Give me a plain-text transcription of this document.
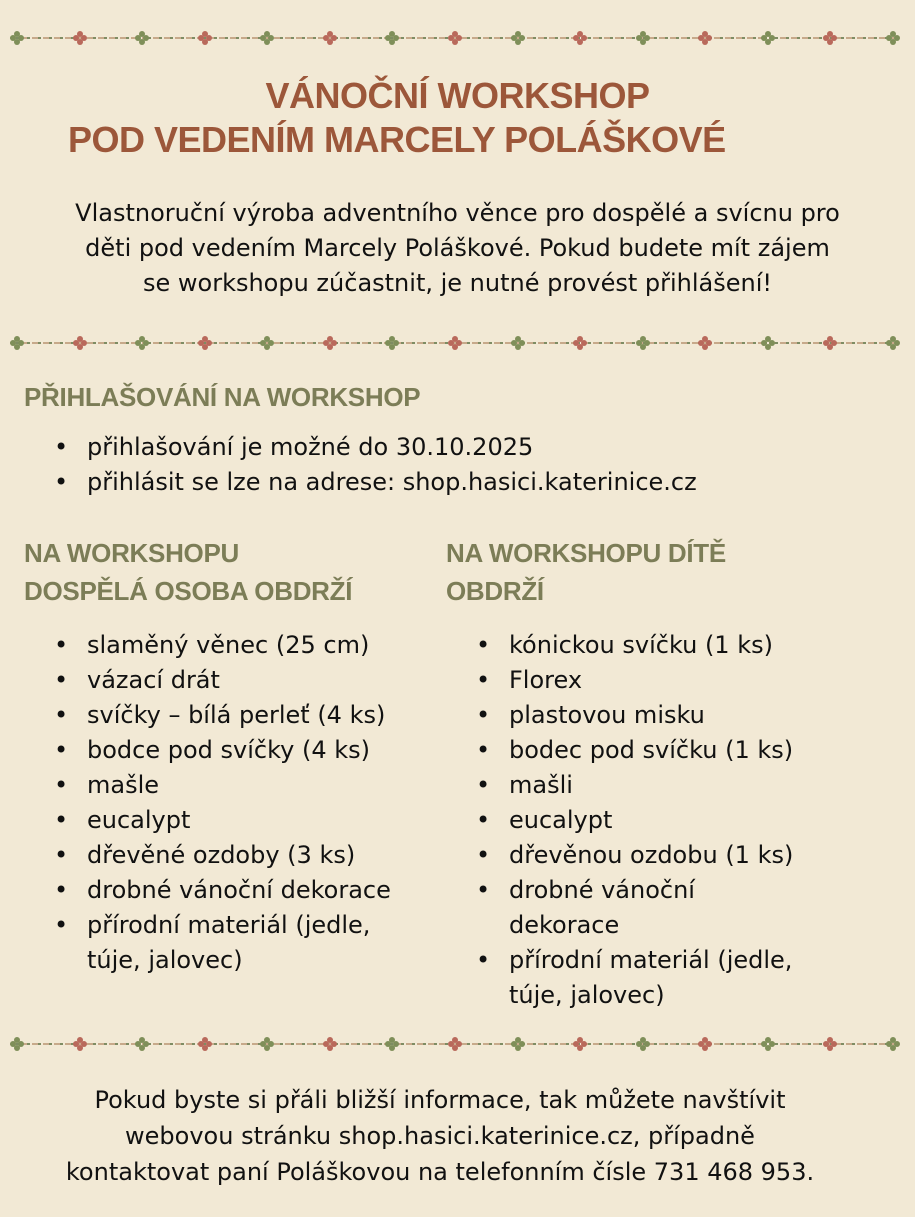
VÁNOČNÍ WORKSHOP
POD VEDENÍM MARCELY POLÁŠKOVÉ
Vlastnoruční výroba adventního věnce pro dospělé a svícnu pro
děti pod vedením Marcely Poláškové. Pokud budete mít zájem
se workshopu zúčastnit, je nutné provést přihlášení!
PŘIHLAŠOVÁNÍ NA WORKSHOP
• přihlašování je možné do 30.10.2025
• přihlásit se lze na adrese: shop.hasici.katerinice.cz
NA WORKSHOPU
DOSPĚLÁ OSOBA OBDRŽÍ
• slaměný věnec (25 cm)
• vázací drát
• svíčky – bílá perleť (4 ks)
• bodce pod svíčky (4 ks)
• mašle
• eucalypt
• dřevěné ozdoby (3 ks)
• drobné vánoční dekorace
• přírodní materiál (jedle, túje, jalovec)
NA WORKSHOPU DÍTĚ
OBDRŽÍ
• kónickou svíčku (1 ks)
• Florex
• plastovou misku
• bodec pod svíčku (1 ks)
• mašli
• eucalypt
• dřevěnou ozdobu (1 ks)
• drobné vánoční dekorace
• přírodní materiál (jedle, túje, jalovec)
Pokud byste si přáli bližší informace, tak můžete navštívit
webovou stránku shop.hasici.katerinice.cz, případně
kontaktovat paní Poláškovou na telefonním čísle 731 468 953.
